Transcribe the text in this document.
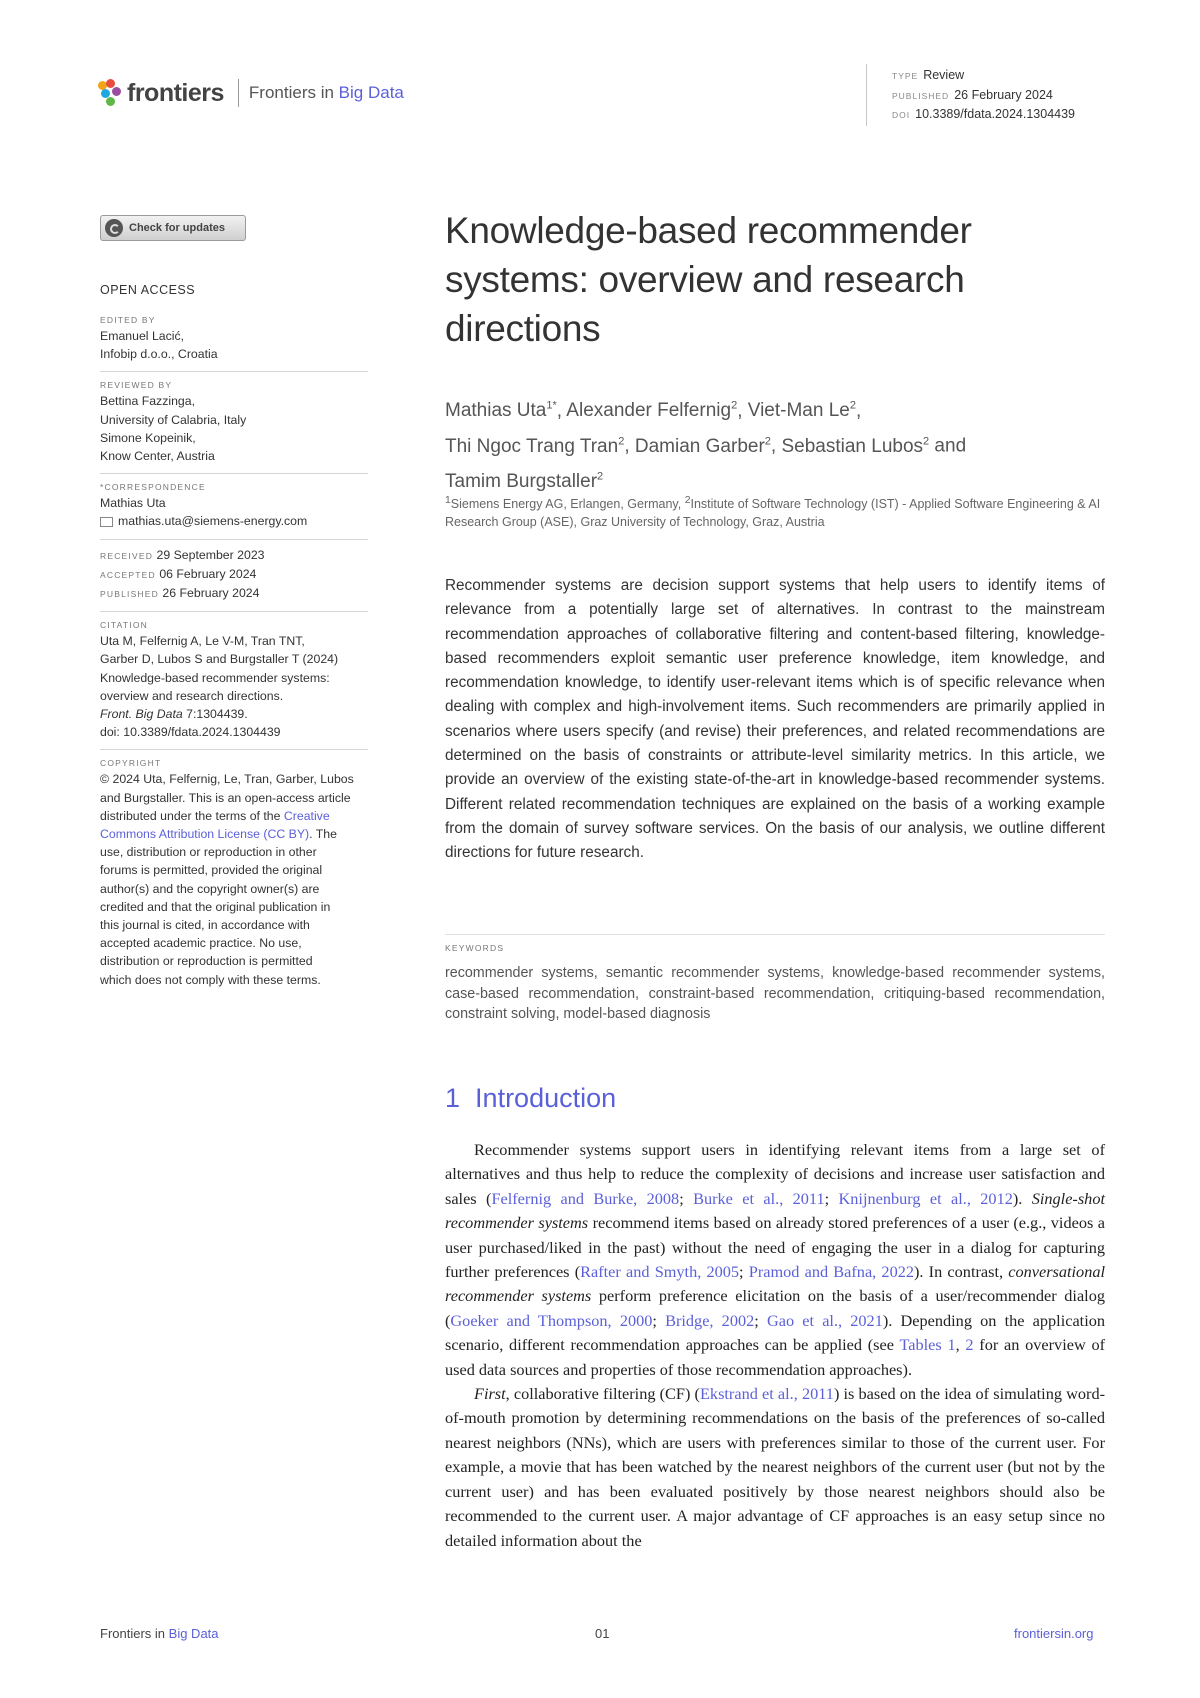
frontiers Frontiers in Big Data
TYPE Review
PUBLISHED 26 February 2024
DOI 10.3389/fdata.2024.1304439
Check for updates
OPEN ACCESS
EDITED BY
Emanuel Lacić,
Infobip d.o.o., Croatia
REVIEWED BY
Bettina Fazzinga,
University of Calabria, Italy
Simone Kopeinik,
Know Center, Austria
*CORRESPONDENCE
Mathias Uta
mathias.uta@siemens-energy.com
RECEIVED 29 September 2023
ACCEPTED 06 February 2024
PUBLISHED 26 February 2024
CITATION
Uta M, Felfernig A, Le V-M, Tran TNT,
Garber D, Lubos S and Burgstaller T (2024)
Knowledge-based recommender systems:
overview and research directions.
Front. Big Data 7:1304439.
doi: 10.3389/fdata.2024.1304439
COPYRIGHT
© 2024 Uta, Felfernig, Le, Tran, Garber, Lubos
and Burgstaller. This is an open-access article
distributed under the terms of the Creative
Commons Attribution License (CC BY). The
use, distribution or reproduction in other
forums is permitted, provided the original
author(s) and the copyright owner(s) are
credited and that the original publication in
this journal is cited, in accordance with
accepted academic practice. No use,
distribution or reproduction is permitted
which does not comply with these terms.
Knowledge-based recommender
systems: overview and research
directions
Mathias Uta$^{1*}$, Alexander Felfernig$^2$, Viet-Man Le$^2$,
Thi Ngoc Trang Tran$^2$, Damian Garber$^2$, Sebastian Lubos$^2$ and
Tamim Burgstaller$^2$
$^1$Siemens Energy AG, Erlangen, Germany, $^2$Institute of Software Technology (IST) - Applied Software Engineering & AI Research Group (ASE), Graz University of Technology, Graz, Austria
Recommender systems are decision support systems that help users to identify items of relevance from a potentially large set of alternatives. In contrast to the mainstream recommendation approaches of collaborative filtering and content-based filtering, knowledge-based recommenders exploit semantic user preference knowledge, item knowledge, and recommendation knowledge, to identify user-relevant items which is of specific relevance when dealing with complex and high-involvement items. Such recommenders are primarily applied in scenarios where users specify (and revise) their preferences, and related recommendations are determined on the basis of constraints or attribute-level similarity metrics. In this article, we provide an overview of the existing state-of-the-art in knowledge-based recommender systems. Different related recommendation techniques are explained on the basis of a working example from the domain of survey software services. On the basis of our analysis, we outline different directions for future research.
KEYWORDS
recommender systems, semantic recommender systems, knowledge-based recommender systems, case-based recommendation, constraint-based recommendation, critiquing-based recommendation, constraint solving, model-based diagnosis
1 Introduction

Recommender systems support users in identifying relevant items from a large set of alternatives and thus help to reduce the complexity of decisions and increase user satisfaction and sales (Felfernig and Burke, 2008; Burke et al., 2011; Knijnenburg et al., 2012). Single-shot recommender systems recommend items based on already stored preferences of a user (e.g., videos a user purchased/liked in the past) without the need of engaging the user in a dialog for capturing further preferences (Rafter and Smyth, 2005; Pramod and Bafna, 2022). In contrast, conversational recommender systems perform preference elicitation on the basis of a user/recommender dialog (Goeker and Thompson, 2000; Bridge, 2002; Gao et al., 2021). Depending on the application scenario, different recommendation approaches can be applied (see Tables 1, 2 for an overview of used data sources and properties of those recommendation approaches).

First, collaborative filtering (CF) (Ekstrand et al., 2011) is based on the idea of simulating word-of-mouth promotion by determining recommendations on the basis of the preferences of so-called nearest neighbors (NNs), which are users with preferences similar to those of the current user. For example, a movie that has been watched by the nearest neighbors of the current user (but not by the current user) and has been evaluated positively by those nearest neighbors should also be recommended to the current user. A major advantage of CF approaches is an easy setup since no detailed information about the

Frontiers in Big Data	01	frontiersin.org
